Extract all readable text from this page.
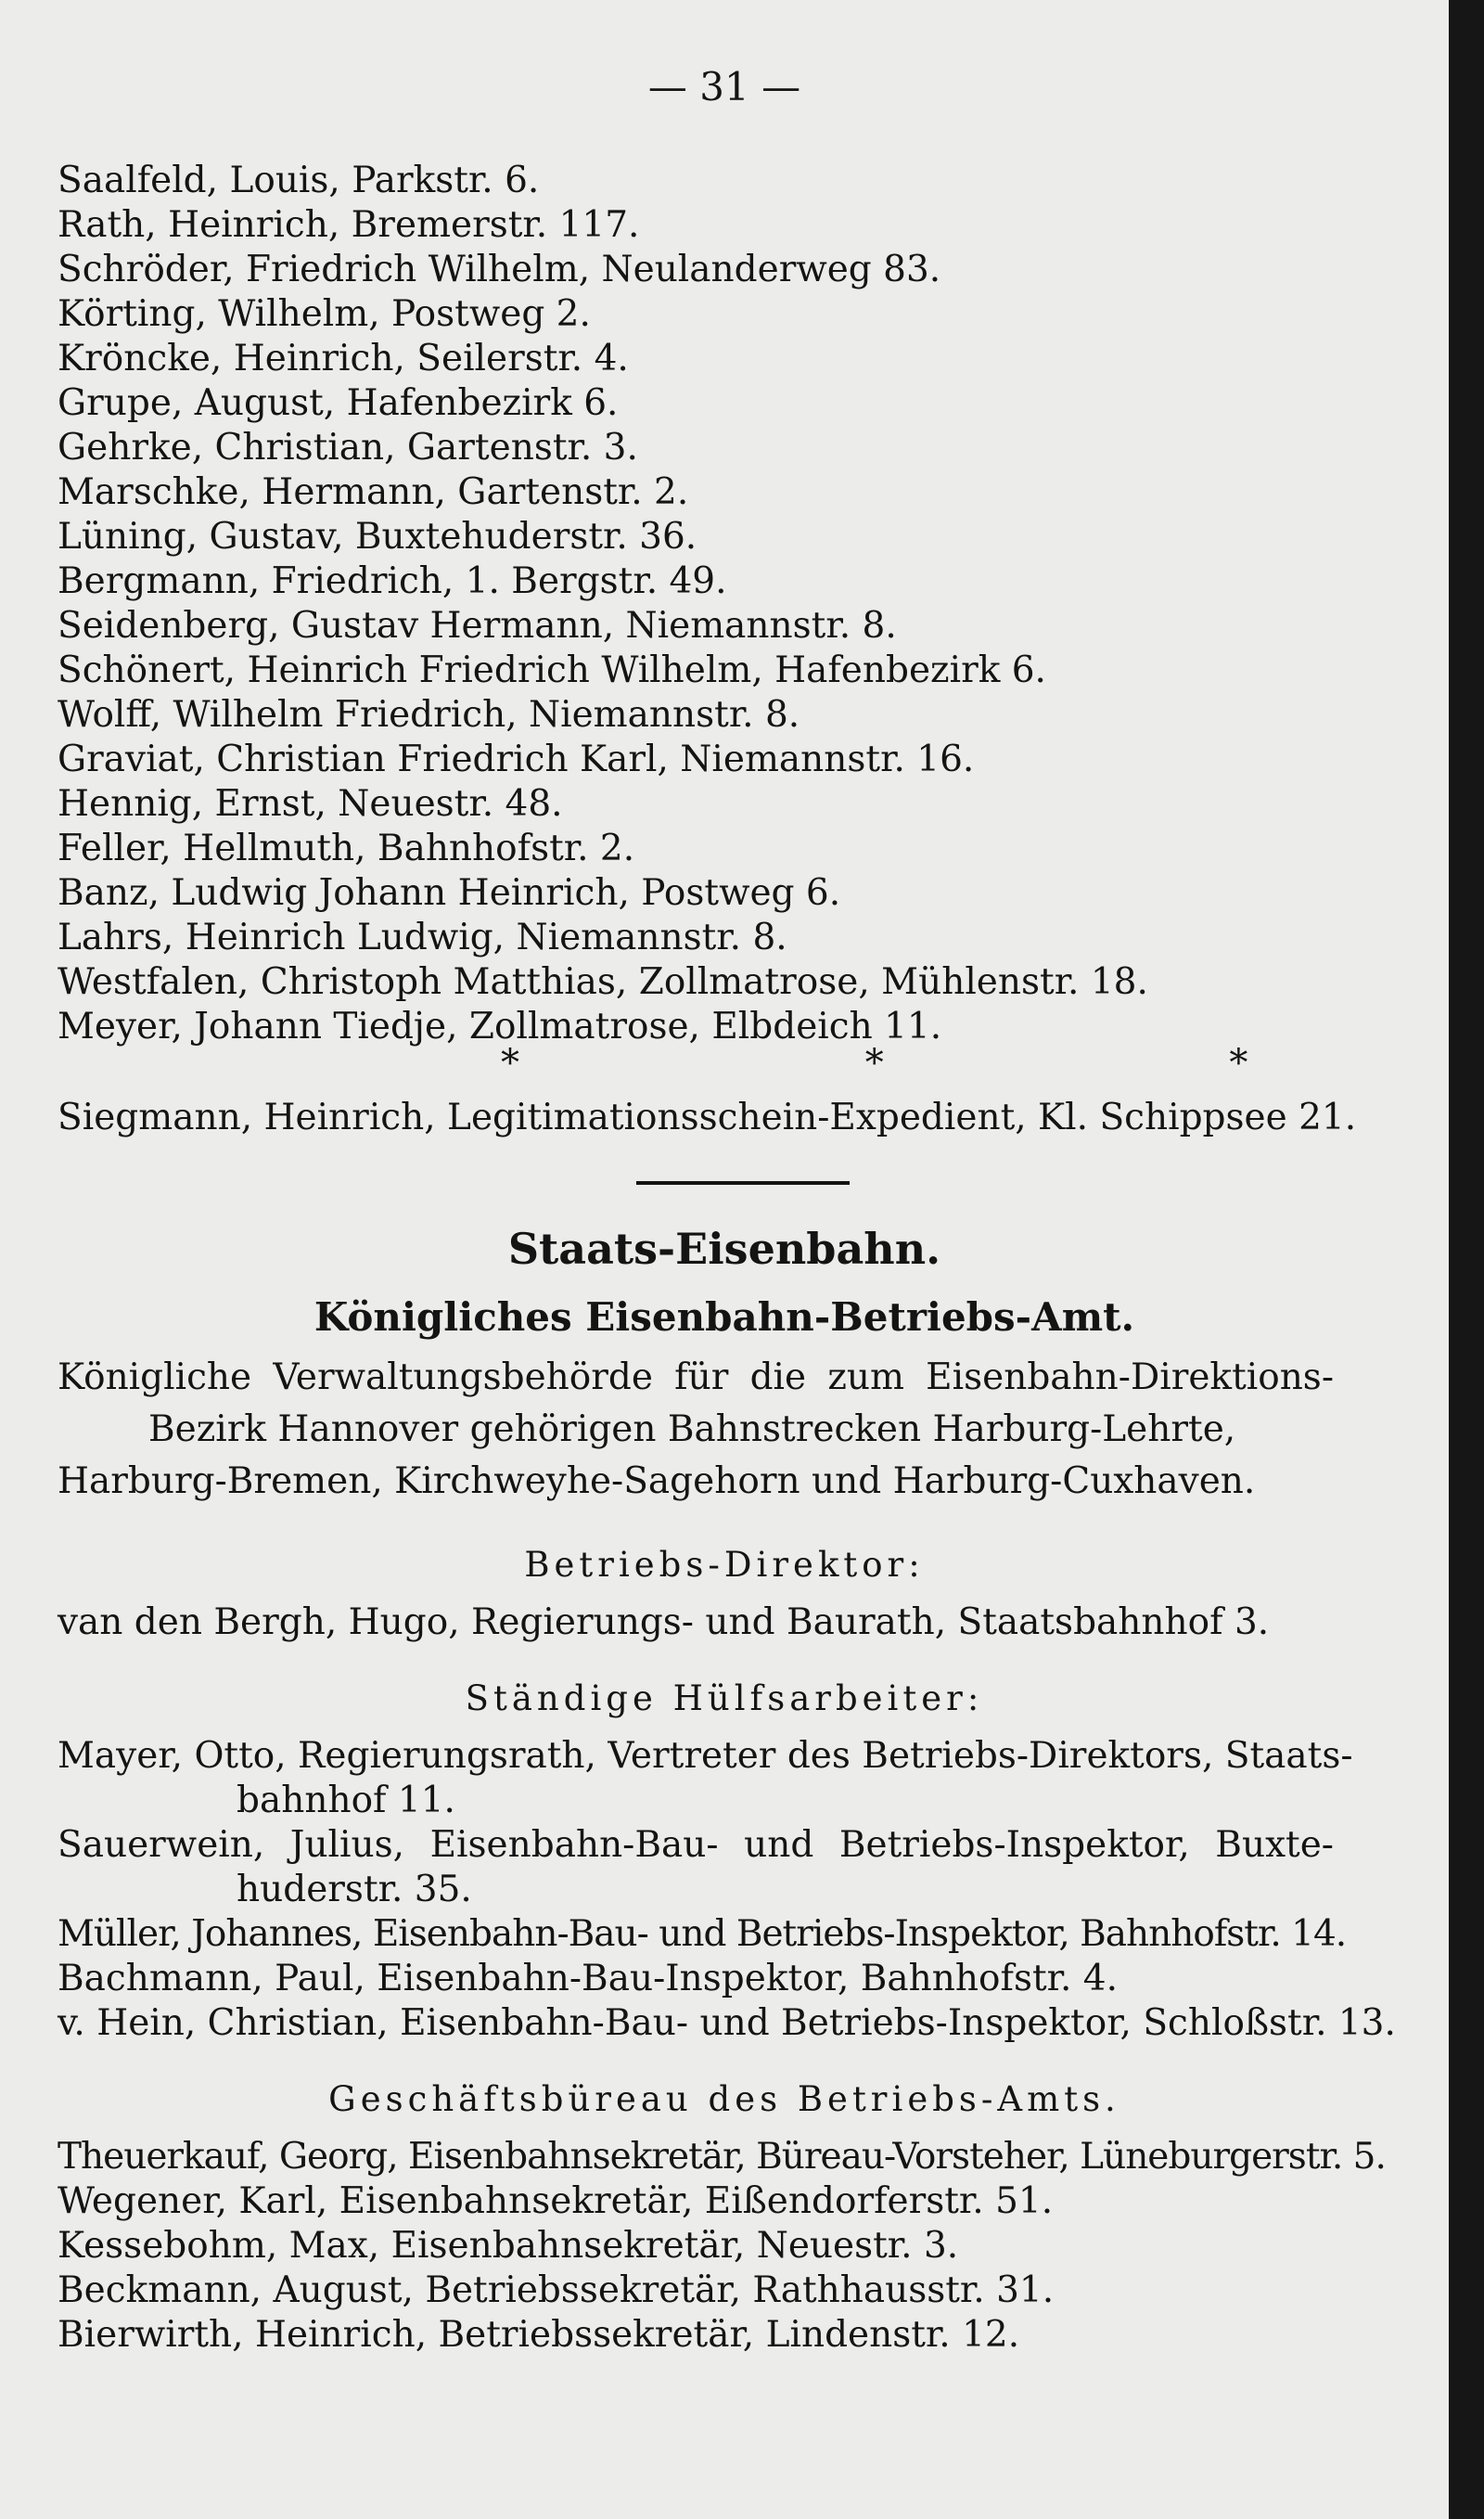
— 31 —
Saalfeld, Louis, Parkstr. 6.
Rath, Heinrich, Bremerstr. 117.
Schröder, Friedrich Wilhelm, Neulanderweg 83.
Körting, Wilhelm, Postweg 2.
Kröncke, Heinrich, Seilerstr. 4.
Grupe, August, Hafenbezirk 6.
Gehrke, Christian, Gartenstr. 3.
Marschke, Hermann, Gartenstr. 2.
Lüning, Gustav, Buxtehuderstr. 36.
Bergmann, Friedrich, 1. Bergstr. 49.
Seidenberg, Gustav Hermann, Niemannstr. 8.
Schönert, Heinrich Friedrich Wilhelm, Hafenbezirk 6.
Wolff, Wilhelm Friedrich, Niemannstr. 8.
Graviat, Christian Friedrich Karl, Niemannstr. 16.
Hennig, Ernst, Neuestr. 48.
Feller, Hellmuth, Bahnhofstr. 2.
Banz, Ludwig Johann Heinrich, Postweg 6.
Lahrs, Heinrich Ludwig, Niemannstr. 8.
Westfalen, Christoph Matthias, Zollmatrose, Mühlenstr. 18.
Meyer, Johann Tiedje, Zollmatrose, Elbdeich 11.
* * *
Siegmann, Heinrich, Legitimationsschein-Expedient, Kl. Schippsee 21.
Staats-Eisenbahn.
Königliches Eisenbahn-Betriebs-Amt.
Königliche Verwaltungsbehörde für die zum Eisenbahn-Direktions-
Bezirk Hannover gehörigen Bahnstrecken Harburg-Lehrte,
Harburg-Bremen, Kirchweyhe-Sagehorn und Harburg-Cuxhaven.
Betriebs-Direktor:
van den Bergh, Hugo, Regierungs- und Baurath, Staatsbahnhof 3.
Ständige Hülfsarbeiter:
Mayer, Otto, Regierungsrath, Vertreter des Betriebs-Direktors, Staats-
bahnhof 11.
Sauerwein, Julius, Eisenbahn-Bau- und Betriebs-Inspektor, Buxte-
huderstr. 35.
Müller, Johannes, Eisenbahn-Bau- und Betriebs-Inspektor, Bahnhofstr. 14.
Bachmann, Paul, Eisenbahn-Bau-Inspektor, Bahnhofstr. 4.
v. Hein, Christian, Eisenbahn-Bau- und Betriebs-Inspektor, Schloßstr. 13.
Geschäftsbüreau des Betriebs-Amts.
Theuerkauf, Georg, Eisenbahnsekretär, Büreau-Vorsteher, Lüneburgerstr. 5.
Wegener, Karl, Eisenbahnsekretär, Eißendorferstr. 51.
Kessebohm, Max, Eisenbahnsekretär, Neuestr. 3.
Beckmann, August, Betriebssekretär, Rathhausstr. 31.
Bierwirth, Heinrich, Betriebssekretär, Lindenstr. 12.
